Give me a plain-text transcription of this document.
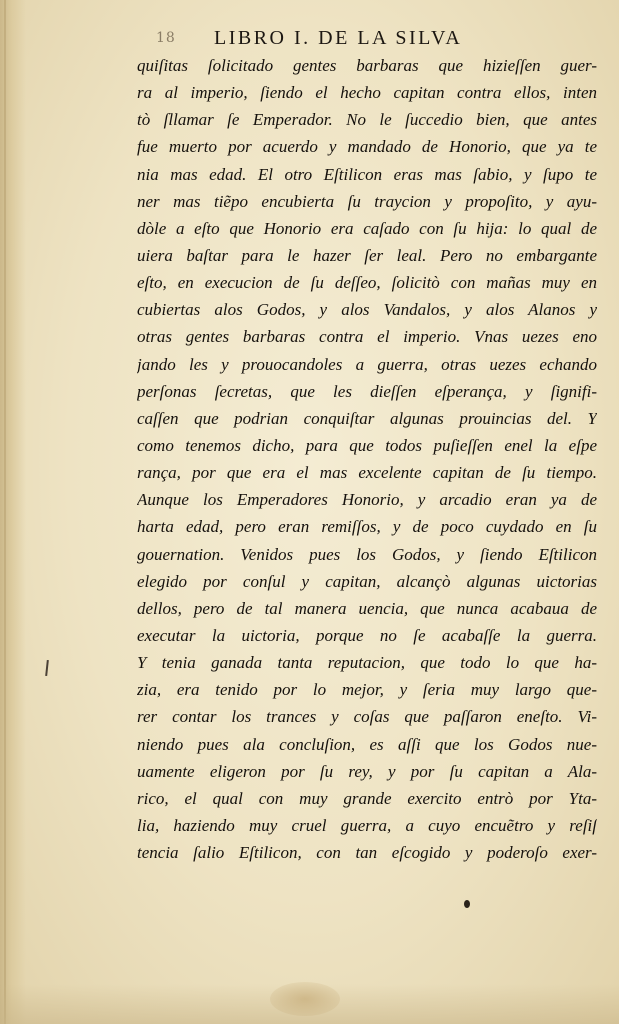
18 LIBRO I. DE LA SILVA
quiſitas ſolicitado gentes barbaras que hizieſſen guer-
ra al imperio, ſiendo el hecho capitan contra ellos, inten
tò ſllamar ſe Emperador. No le ſuccedio bien, que antes
fue muerto por acuerdo y mandado de Honorio, que ya te
nia mas edad. El otro Eſtilicon eras mas ſabio, y ſupo te
ner mas tiẽpo encubierta ſu traycion y propoſito, y ayu-
dòle a eſto que Honorio era caſado con ſu hija: lo qual de
uiera baſtar para le hazer ſer leal. Pero no embargante
eſto, en execucion de ſu deſſeo, ſolicitò con mañas muy en
cubiertas alos Godos, y alos Vandalos, y alos Alanos y
otras gentes barbaras contra el imperio. Vnas uezes eno
jando les y prouocandoles a guerra, otras uezes echando
perſonas ſecretas, que les dieſſen eſperança, y ſignifi-
caſſen que podrian conquiſtar algunas prouincias del. Y
como tenemos dicho, para que todos puſieſſen enel la eſpe
rança, por que era el mas excelente capitan de ſu tiempo.
Aunque los Emperadores Honorio, y arcadio eran ya de
harta edad, pero eran remiſſos, y de poco cuydado en ſu
gouernation. Venidos pues los Godos, y ſiendo Eſtilicon
elegido por conſul y capitan, alcançò algunas uictorias
dellos, pero de tal manera uencia, que nunca acabaua de
executar la uictoria, porque no ſe acabaſſe la guerra.
Y tenia ganada tanta reputacion, que todo lo que ha-
zia, era tenido por lo mejor, y ſeria muy largo que-
rer contar los trances y coſas que paſſaron eneſto. Vi-
niendo pues ala concluſion, es aſſi que los Godos nue-
uamente eligeron por ſu rey, y por ſu capitan a Ala-
rico, el qual con muy grande exercito entrò por Yta-
lia, haziendo muy cruel guerra, a cuyo encuẽtro y reſiſ
tencia ſalio Eſtilicon, con tan eſcogido y poderoſo exer-
